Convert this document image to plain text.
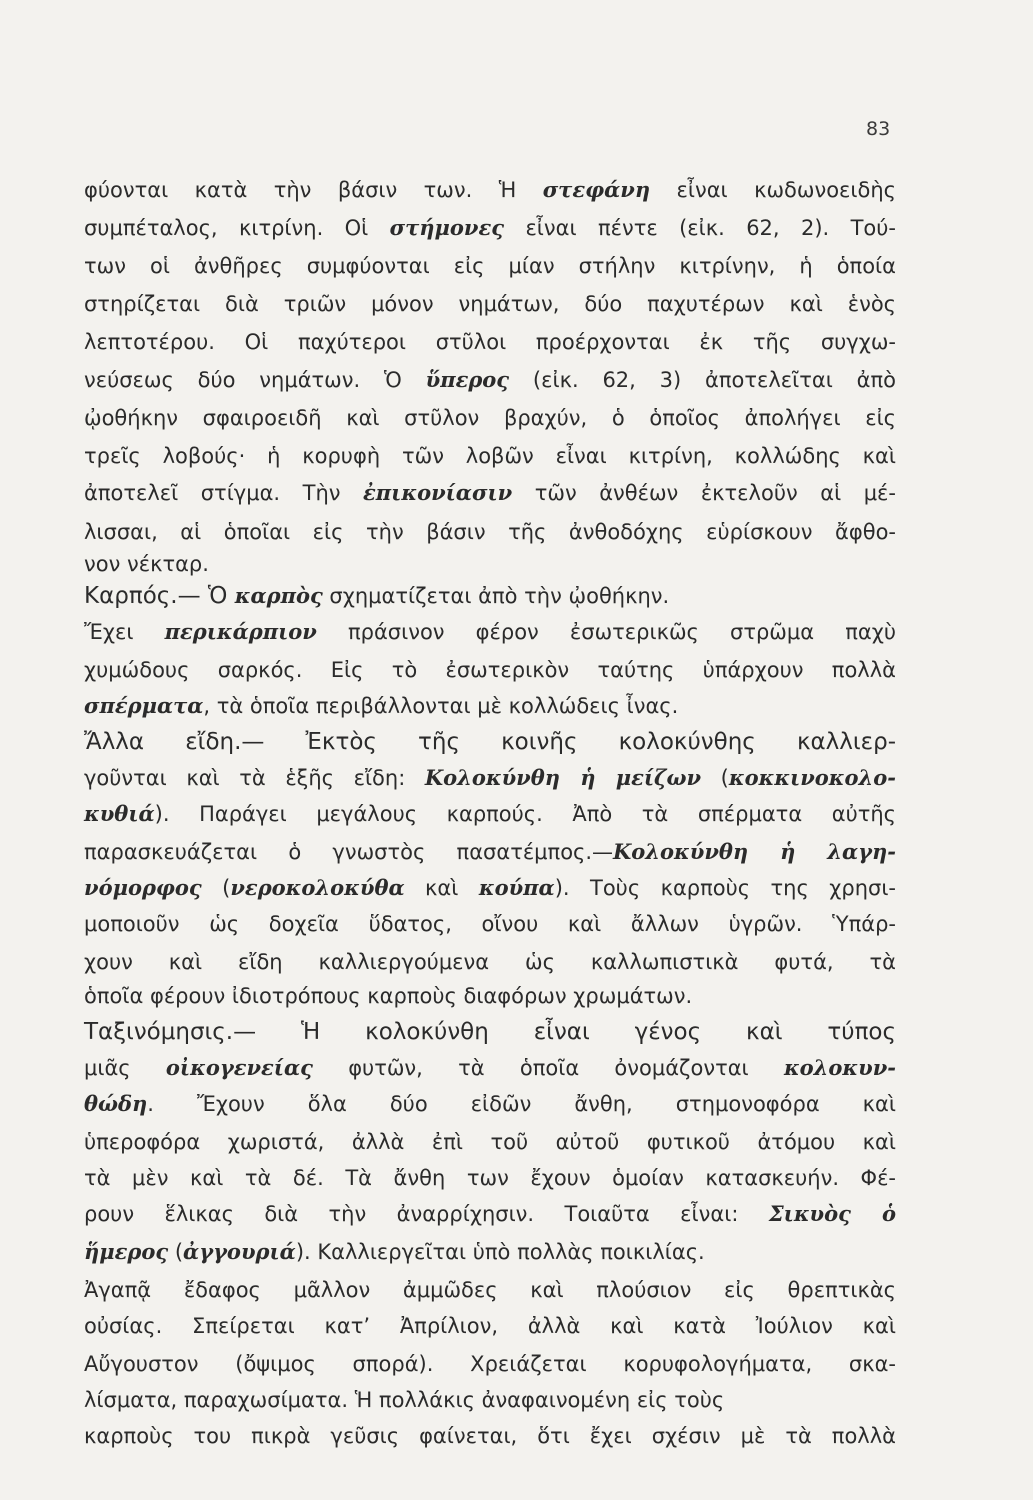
83
φύονται κατὰ τὴν βάσιν των. Ἡ στεφάνη εἶναι κωδωνοειδὴς
συμπέταλος, κιτρίνη. Οἱ στήμονες εἶναι πέντε (εἰκ. 62, 2). Τού-
των οἱ ἀνθῆρες συμφύονται εἰς μίαν στήλην κιτρίνην, ἡ ὁποία
στηρίζεται διὰ τριῶν μόνον νημάτων, δύο παχυτέρων καὶ ἑνὸς
λεπτοτέρου. Οἱ παχύτεροι στῦλοι προέρχονται ἐκ τῆς συγχω-
νεύσεως δύο νημάτων. Ὁ ὕπερος (εἰκ. 62, 3) ἀποτελεῖται ἀπὸ
ᾠοθήκην σφαιροειδῆ καὶ στῦλον βραχύν, ὁ ὁποῖος ἀπολήγει εἰς
τρεῖς λοβούς· ἡ κορυφὴ τῶν λοβῶν εἶναι κιτρίνη, κολλώδης καὶ
ἀποτελεῖ στίγμα. Τὴν ἐπικονίασιν τῶν ἀνθέων ἐκτελοῦν αἱ μέ-
λισσαι, αἱ ὁποῖαι εἰς τὴν βάσιν τῆς ἀνθοδόχης εὑρίσκουν ἄφθο-
νον νέκταρ.
Καρπός.— Ὁ καρπὸς σχηματίζεται ἀπὸ τὴν ᾠοθήκην.
Ἔχει περικάρπιον πράσινον φέρον ἐσωτερικῶς στρῶμα παχὺ
χυμώδους σαρκός. Εἰς τὸ ἐσωτερικὸν ταύτης ὑπάρχουν πολλὰ
σπέρματα, τὰ ὁποῖα περιβάλλονται μὲ κολλώδεις ἶνας.
Ἄλλα εἴδη.— Ἐκτὸς τῆς κοινῆς κολοκύνθης καλλιερ-
γοῦνται καὶ τὰ ἑξῆς εἴδη: Κολοκύνθη ἡ μείζων (κοκκινοκολο-
κυθιά). Παράγει μεγάλους καρπούς. Ἀπὸ τὰ σπέρματα αὐτῆς
παρασκευάζεται ὁ γνωστὸς πασατέμπος.—Κολοκύνθη ἡ λαγη-
νόμορφος (νεροκολοκύθα καὶ κούπα). Τοὺς καρποὺς της χρησι-
μοποιοῦν ὡς δοχεῖα ὕδατος, οἴνου καὶ ἄλλων ὑγρῶν. Ὑπάρ-
χουν καὶ εἴδη καλλιεργούμενα ὡς καλλωπιστικὰ φυτά, τὰ
ὁποῖα φέρουν ἰδιοτρόπους καρποὺς διαφόρων χρωμάτων.
Ταξινόμησις.— Ἡ κολοκύνθη εἶναι γένος καὶ τύπος
μιᾶς οἰκογενείας φυτῶν, τὰ ὁποῖα ὀνομάζονται κολοκυν-
θώδη. Ἔχουν ὅλα δύο εἰδῶν ἄνθη, στημονοφόρα καὶ
ὑπεροφόρα χωριστά, ἀλλὰ ἐπὶ τοῦ αὐτοῦ φυτικοῦ ἀτόμου καὶ
τὰ μὲν καὶ τὰ δέ. Τὰ ἄνθη των ἔχουν ὁμοίαν κατασκευήν. Φέ-
ρουν ἕλικας διὰ τὴν ἀναρρίχησιν. Τοιαῦτα εἶναι: Σικυὸς ὁ
ἥμερος (ἀγγουριά). Καλλιεργεῖται ὑπὸ πολλὰς ποικιλίας.
Ἀγαπᾷ ἔδαφος μᾶλλον ἀμμῶδες καὶ πλούσιον εἰς θρεπτικὰς
οὐσίας. Σπείρεται κατ’ Ἀπρίλιον, ἀλλὰ καὶ κατὰ Ἰούλιον καὶ
Αὔγουστον (ὄψιμος σπορά). Χρειάζεται κορυφολογήματα, σκα-
λίσματα, παραχωσίματα. Ἡ πολλάκις ἀναφαινομένη εἰς τοὺς
καρποὺς του πικρὰ γεῦσις φαίνεται, ὅτι ἔχει σχέσιν μὲ τὰ πολλὰ
